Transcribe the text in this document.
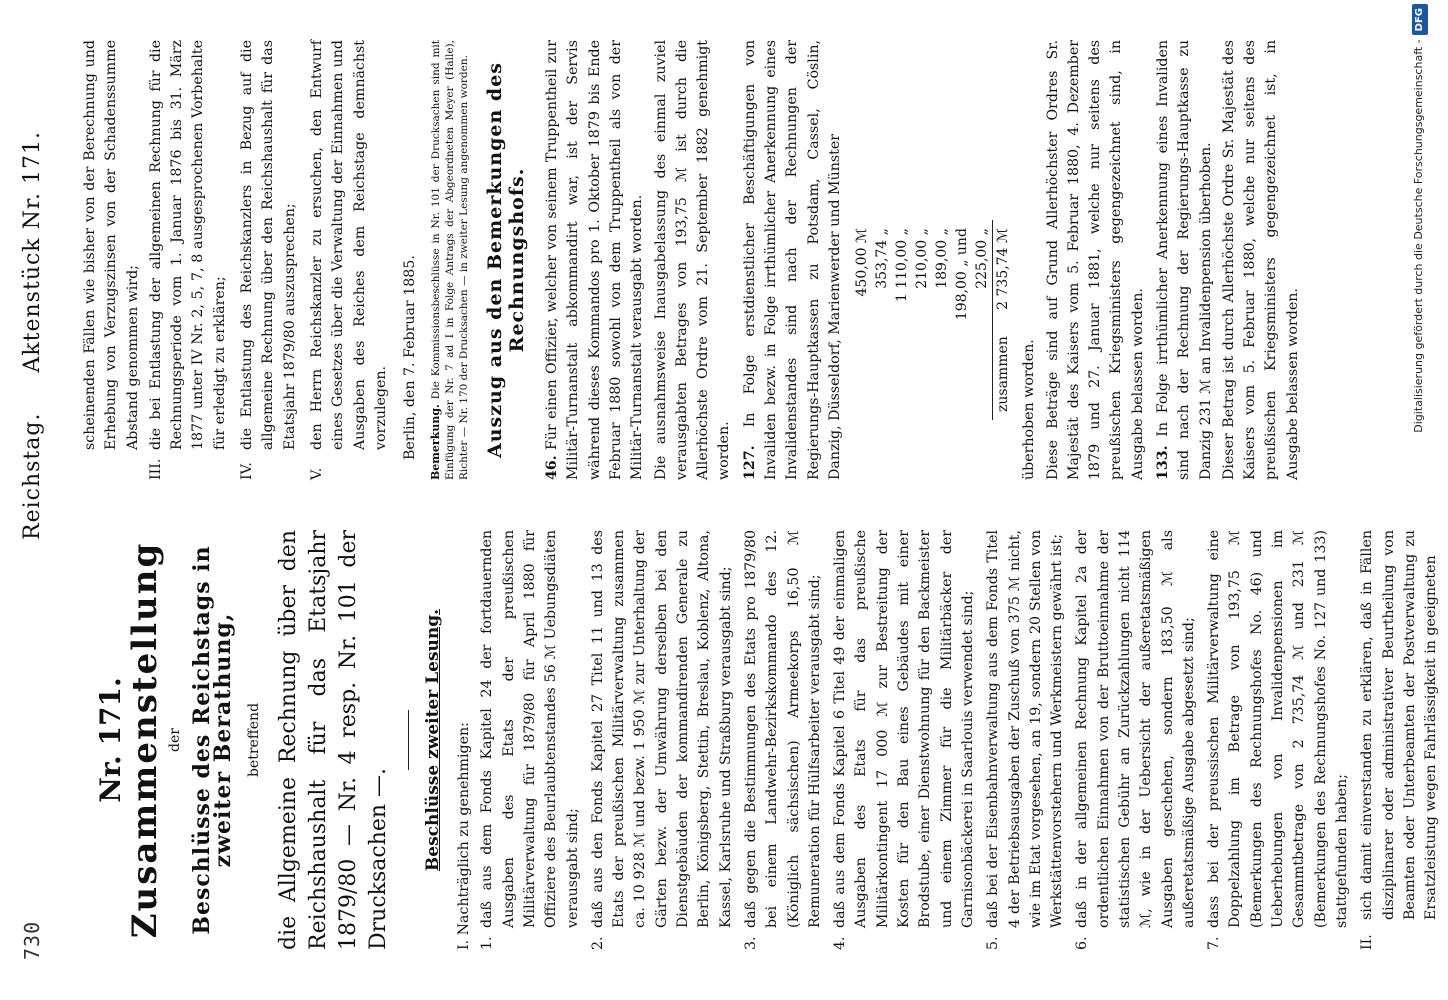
730
Reichstag.Aktenstück Nr. 171.
Nr. 171.
Zusammenstellung der Beschlüsse des Reichstags in zweiter Berathung, betreffend die Allgemeine Rechnung über den Reichshaushalt für das Etatsjahr 1879/80 — Nr. 4 resp. Nr. 101 der Drucksachen —. Beschlüsse zweiter Lesung. I. Nachträglich zu genehmigen: 1.
daß aus dem Fonds Kapitel 24 der fortdauernden Ausgaben des Etats der preußischen Militärverwaltung für 1879/80 für April 1880 für Offiziere des Beurlaubtenstandes 56 ℳ Uebungsdiäten verausgabt sind;
2.
daß aus den Fonds Kapitel 27 Titel 11 und 13 des Etats der preußischen Militärverwaltung zusammen ca. 10 928 ℳ und bezw. 1 950 ℳ zur Unterhaltung der Gärten bezw. der Umwährung derselben bei den Dienstgebäuden der kommandirenden Generale zu Berlin, Königsberg, Stettin, Breslau, Koblenz, Altona, Kassel, Karlsruhe und Straßburg verausgabt sind;
3.
daß gegen die Bestimmungen des Etats pro 1879/80 bei einem Landwehr-Bezirkskommando des 12. (Königlich sächsischen) Armeekorps 16,50 ℳ Remuneration für Hülfsarbeiter verausgabt sind;
4.
daß aus dem Fonds Kapitel 6 Titel 49 der einmaligen Ausgaben des Etats für das preußische Militärkontingent 17 000 ℳ zur Bestreitung der Kosten für den Bau eines Gebäudes mit einer Brodstube, einer Dienstwohnung für den Backmeister und einem Zimmer für die Militärbäcker der Garnisonbäckerei in Saarlouis verwendet sind;
5.
daß bei der Eisenbahnverwaltung aus dem Fonds Titel 4 der Betriebsausgaben der Zuschuß von 375 ℳ nicht, wie im Etat vorgesehen, an 19, sondern 20 Stellen von Werkstättenvorstehern und Werkmeistern gewährt ist;
6.
daß in der allgemeinen Rechnung Kapitel 2a der ordentlichen Einnahmen von der Bruttoeinnahme der statistischen Gebühr an Zurückzahlungen nicht 114 ℳ, wie in der Uebersicht der außeretatsmäßigen Ausgaben geschehen, sondern 183,50 ℳ als außeretatsmäßige Ausgabe abgesetzt sind;
7.
dass bei der preussischen Militärverwaltung eine Doppelzahlung im Betrage von 193,75 ℳ (Bemerkungen des Rechnungshofes No. 46) und Ueberhebungen von Invalidenpensionen im Gesammtbetrage von 2 735,74 ℳ und 231 ℳ (Bemerkungen des Rechnungshofes No. 127 und 133) stattgefunden haben;
II.
sich damit einverstanden zu erklären, daß in Fällen disziplinarer oder administrativer Beurtheilung von Beamten oder Unterbeamten der Postverwaltung zu Ersatzleistung wegen Fahrlässigkeit in geeigneten

scheinenden Fällen wie bisher von der Berechnung und Erhebung von Verzugszinsen von der Schadenssumme Abstand genommen wird;

III.
die bei Entlastung der allgemeinen Rechnung für die Rechnungsperiode vom 1. Januar 1876 bis 31. März 1877 unter IV Nr. 2, 5, 7, 8 ausgesprochenen Vorbehalte für erledigt zu erklären;
IV.
die Entlastung des Reichskanzlers in Bezug auf die allgemeine Rechnung über den Reichshaushalt für das Etatsjahr 1879/80 auszusprechen;
V.
den Herrn Reichskanzler zu ersuchen, den Entwurf eines Gesetzes über die Verwaltung der Einnahmen und Ausgaben des Reiches dem Reichstage demnächst vorzulegen. Berlin, den 7. Februar 1885. Bemerkung. Die Kommissionsbeschlüsse in Nr. 101 der Drucksachen sind mit Einfügung der Nr. 7 ad I in Folge Antrags der Abgeordneten Meyer (Halle), Richter — Nr. 170 der Drucksachen — in zweiter Lesung angenommen worden. Auszug aus den Bemerkungen des Rechnungshofs.

46. Für einen Offizier, welcher von seinem Truppentheil zur Militär-Turnanstalt abkommandirt war, ist der Servis während dieses Kommandos pro 1. Oktober 1879 bis Ende Februar 1880 sowohl von dem Truppentheil als von der Militär-Turnanstalt verausgabt worden. Die ausnahmsweise Inausgabelassung des einmal zuviel verausgabten Betrages von 193,75 ℳ ist durch die Allerhöchste Ordre vom 21. September 1882 genehmigt worden. 127. In Folge erstdienstlicher Beschäftigungen von Invaliden bezw. in Folge irrthümlicher Anerkennung eines Invalidenstandes sind nach der Rechnungen der Regierungs-Hauptkassen zu Potsdam, Cassel, Cöslin, Danzig, Düsseldorf, Marienwerder und Münster

	450,00 ℳ
	353,74 „
	1 110,00 „
	210,00 „
	189,00 „
	198,00 „ und
	225,00 „
zusammen	2 735,74 ℳ

überhoben worden. Diese Beträge sind auf Grund Allerhöchster Ordres Sr. Majestät des Kaisers vom 5. Februar 1880, 4. Dezember 1879 und 27. Januar 1881, welche nur seitens des preußischen Kriegsministers gegengezeichnet sind, in Ausgabe belassen worden. 133. In Folge irrthümlicher Anerkennung eines Invaliden sind nach der Rechnung der Regierungs-Hauptkasse zu Danzig 231 ℳ an Invalidenpension überhoben. Dieser Betrag ist durch Allerhöchste Ordre Sr. Majestät des Kaisers vom 5. Februar 1880, welche nur seitens des preußischen Kriegsministers gegengezeichnet ist, in Ausgabe belassen worden.	Digitalisierung gefördert durch die Deutsche Forschungsgemeinschaft -DFG
